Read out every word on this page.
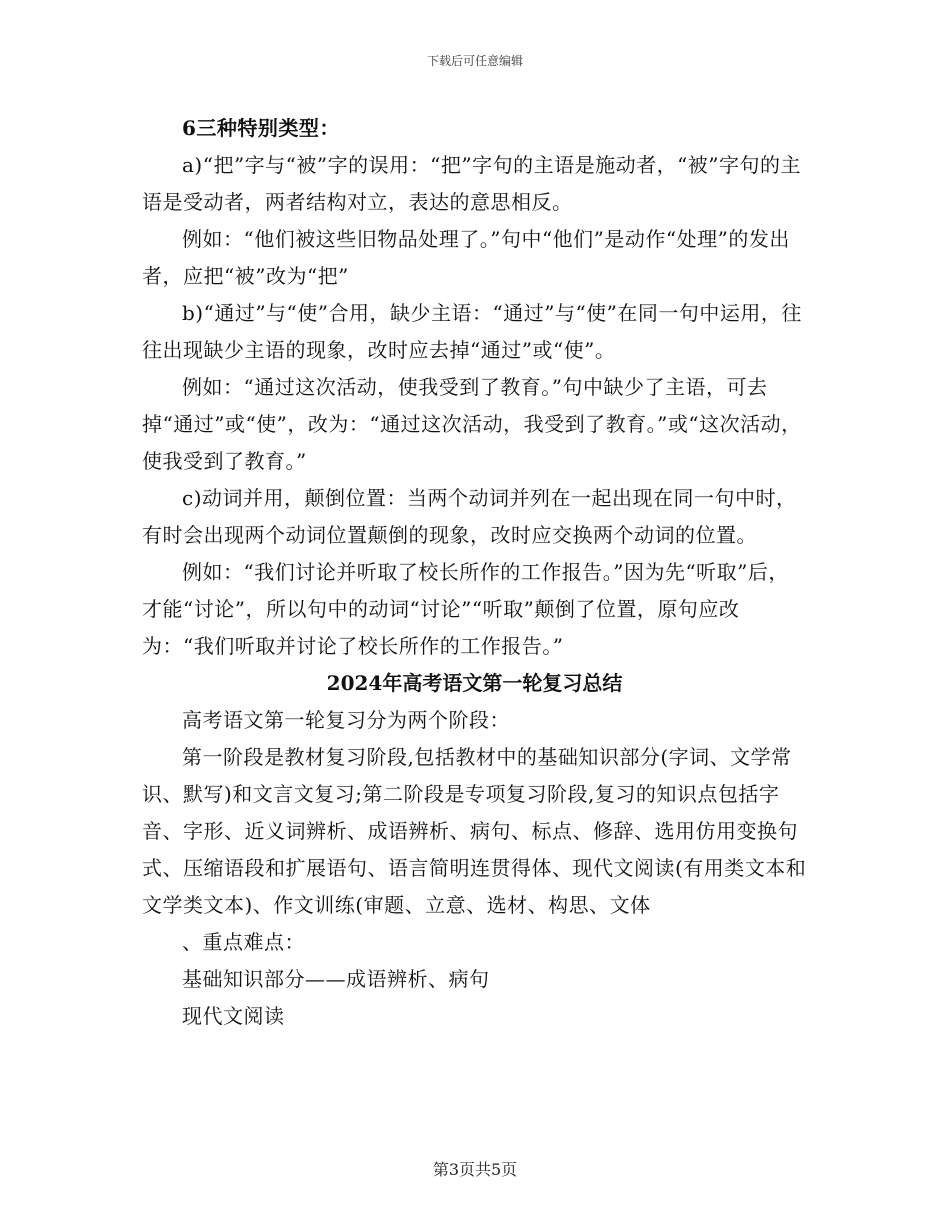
下载后可任意编辑

6三种特别类型：

a)“把”字与“被”字的误用：“把”字句的主语是施动者，“被”字句的主语是受动者，两者结构对立，表达的意思相反。

例如：“他们被这些旧物品处理了。”句中“他们”是动作“处理”的发出者，应把“被”改为“把”

b)“通过”与“使”合用，缺少主语：“通过”与“使”在同一句中运用，往往出现缺少主语的现象，改时应去掉“通过”或“使”。

例如：“通过这次活动，使我受到了教育。”句中缺少了主语，可去掉“通过”或“使”，改为：“通过这次活动，我受到了教育。”或“这次活动，使我受到了教育。”

c)动词并用，颠倒位置：当两个动词并列在一起出现在同一句中时，有时会出现两个动词位置颠倒的现象，改时应交换两个动词的位置。

例如：“我们讨论并听取了校长所作的工作报告。”因为先“听取”后，才能“讨论”，所以句中的动词“讨论”“听取”颠倒了位置，原句应改为：“我们听取并讨论了校长所作的工作报告。”

2024年高考语文第一轮复习总结

高考语文第一轮复习分为两个阶段：

第一阶段是教材复习阶段,包括教材中的基础知识部分(字词、文学常识、默写)和文言文复习;第二阶段是专项复习阶段,复习的知识点包括字音、字形、近义词辨析、成语辨析、病句、标点、修辞、选用仿用变换句式、压缩语段和扩展语句、语言简明连贯得体、现代文阅读(有用类文本和文学类文本)、作文训练(审题、立意、选材、构思、文体

、重点难点：

基础知识部分——成语辨析、病句

现代文阅读

第3页共5页
